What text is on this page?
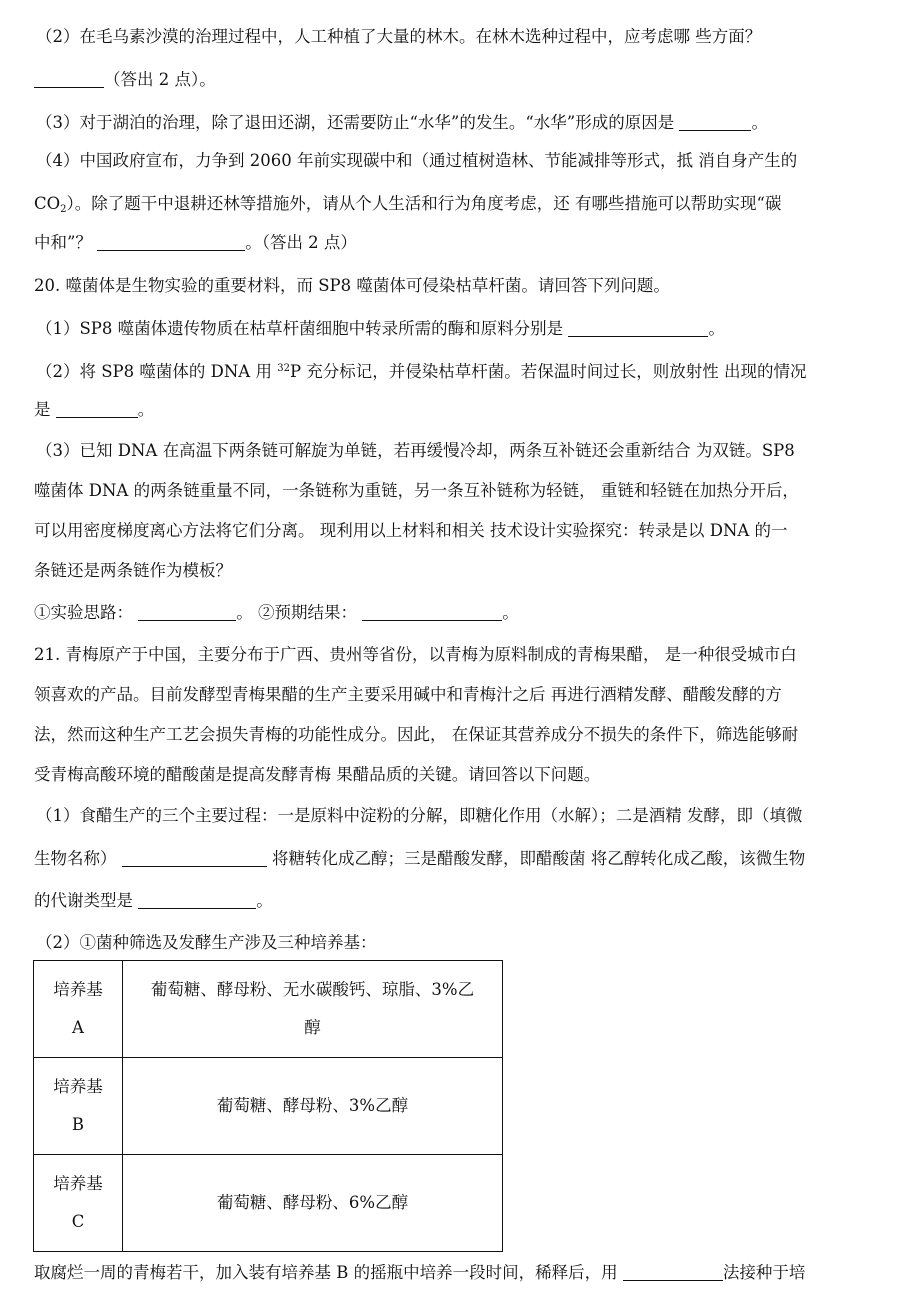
（2）在毛乌素沙漠的治理过程中，人工种植了大量的林木。在林木选种过程中，应考虑哪 些方面？

（答出 2 点）。

（3）对于湖泊的治理，除了退田还湖，还需要防止“水华”的发生。“水华”形成的原因是	。

（4）中国政府宣布，力争到 2060 年前实现碳中和（通过植树造林、节能减排等形式，抵 消自身产生的

$CO_2$）。除了题干中退耕还林等措施外，请从个人生活和行为角度考虑，还 有哪些措施可以帮助实现“碳

中和”？	。（答出 2 点）

20. 噬菌体是生物实验的重要材料，而 SP8 噬菌体可侵染枯草杆菌。请回答下列问题。

（1）SP8 噬菌体遗传物质在枯草杆菌细胞中转录所需的酶和原料分别是	。

（2）将 SP8 噬菌体的 DNA 用 $^{32}$P 充分标记，并侵染枯草杆菌。若保温时间过长，则放射性 出现的情况

是	。

（3）已知 DNA 在高温下两条链可解旋为单链，若再缓慢冷却，两条互补链还会重新结合 为双链。SP8

噬菌体 DNA 的两条链重量不同，一条链称为重链，另一条互补链称为轻链， 重链和轻链在加热分开后，

可以用密度梯度离心方法将它们分离。 现利用以上材料和相关 技术设计实验探究：转录是以 DNA 的一

条链还是两条链作为模板？

①实验思路：	。 ②预期结果：	。

21. 青梅原产于中国，主要分布于广西、贵州等省份，以青梅为原料制成的青梅果醋， 是一种很受城市白

领喜欢的产品。目前发酵型青梅果醋的生产主要采用碱中和青梅汁之后 再进行酒精发酵、醋酸发酵的方

法，然而这种生产工艺会损失青梅的功能性成分。因此， 在保证其营养成分不损失的条件下，筛选能够耐

受青梅高酸环境的醋酸菌是提高发酵青梅 果醋品质的关键。请回答以下问题。

（1）食醋生产的三个主要过程：一是原料中淀粉的分解，即糖化作用（水解）；二是酒精 发酵，即（填微

生物名称）	将糖转化成乙醇；三是醋酸发酵，即醋酸菌 将乙醇转化成乙酸，该微生物

的代谢类型是	。

（2）①菌种筛选及发酵生产涉及三种培养基：

培养基
A	葡萄糖、酵母粉、无水碳酸钙、琼脂、3%乙
醇

培养基
B	葡萄糖、酵母粉、3%乙醇

培养基
C	葡萄糖、酵母粉、6%乙醇

取腐烂一周的青梅若干，加入装有培养基 B 的摇瓶中培养一段时间，稀释后，用	法接种于培
